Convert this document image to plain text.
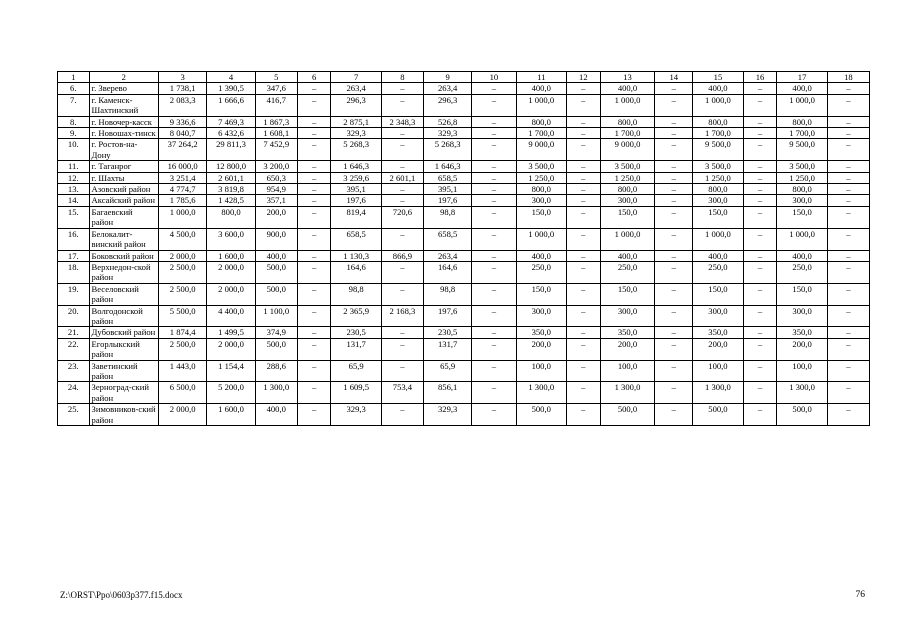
1	2	3	4	5	6	7	8	9	10	11	12	13	14	15	16	17	18
6.	г. Зверево	1 738,1	1 390,5	347,6	–	263,4	–	263,4	–	400,0	–	400,0	–	400,0	–	400,0	–
7.	г. Каменск-Шахтинский	2 083,3	1 666,6	416,7	–	296,3	–	296,3	–	1 000,0	–	1 000,0	–	1 000,0	–	1 000,0	–
8.	г. Новочер-касск	9 336,6	7 469,3	1 867,3	–	2 875,1	2 348,3	526,8	–	800,0	–	800,0	–	800,0	–	800,0	–
9.	г. Новошах-тинск	8 040,7	6 432,6	1 608,1	–	329,3	–	329,3	–	1 700,0	–	1 700,0	–	1 700,0	–	1 700,0	–
10.	г. Ростов-на-Дону	37 264,2	29 811,3	7 452,9	–	5 268,3	–	5 268,3	–	9 000,0	–	9 000,0	–	9 500,0	–	9 500,0	–
11.	г. Таганрог	16 000,0	12 800,0	3 200,0	–	1 646,3	–	1 646,3	–	3 500,0	–	3 500,0	–	3 500,0	–	3 500,0	–
12.	г. Шахты	3 251,4	2 601,1	650,3	–	3 259,6	2 601,1	658,5	–	1 250,0	–	1 250,0	–	1 250,0	–	1 250,0	–
13.	Азовский район	4 774,7	3 819,8	954,9	–	395,1	–	395,1	–	800,0	–	800,0	–	800,0	–	800,0	–
14.	Аксайский район	1 785,6	1 428,5	357,1	–	197,6	–	197,6	–	300,0	–	300,0	–	300,0	–	300,0	–
15.	Багаевский район	1 000,0	800,0	200,0	–	819,4	720,6	98,8	–	150,0	–	150,0	–	150,0	–	150,0	–
16.	Белокалит-винский район	4 500,0	3 600,0	900,0	–	658,5	–	658,5	–	1 000,0	–	1 000,0	–	1 000,0	–	1 000,0	–
17.	Боковский район	2 000,0	1 600,0	400,0	–	1 130,3	866,9	263,4	–	400,0	–	400,0	–	400,0	–	400,0	–
18.	Верхнедон-ской район	2 500,0	2 000,0	500,0	–	164,6	–	164,6	–	250,0	–	250,0	–	250,0	–	250,0	–
19.	Веселовский район	2 500,0	2 000,0	500,0	–	98,8	–	98,8	–	150,0	–	150,0	–	150,0	–	150,0	–
20.	Волгодонской район	5 500,0	4 400,0	1 100,0	–	2 365,9	2 168,3	197,6	–	300,0	–	300,0	–	300,0	–	300,0	–
21.	Дубовский район	1 874,4	1 499,5	374,9	–	230,5	–	230,5	–	350,0	–	350,0	–	350,0	–	350,0	–
22.	Егорлыкский район	2 500,0	2 000,0	500,0	–	131,7	–	131,7	–	200,0	–	200,0	–	200,0	–	200,0	–
23.	Заветинский район	1 443,0	1 154,4	288,6	–	65,9	–	65,9	–	100,0	–	100,0	–	100,0	–	100,0	–
24.	Зерноград-ский район	6 500,0	5 200,0	1 300,0	–	1 609,5	753,4	856,1	–	1 300,0	–	1 300,0	–	1 300,0	–	1 300,0	–
25.	Зимовников-ский район	2 000,0	1 600,0	400,0	–	329,3	–	329,3	–	500,0	–	500,0	–	500,0	–	500,0	–
Z:\ORST\Ppo\0603p377.f15.docx	76
